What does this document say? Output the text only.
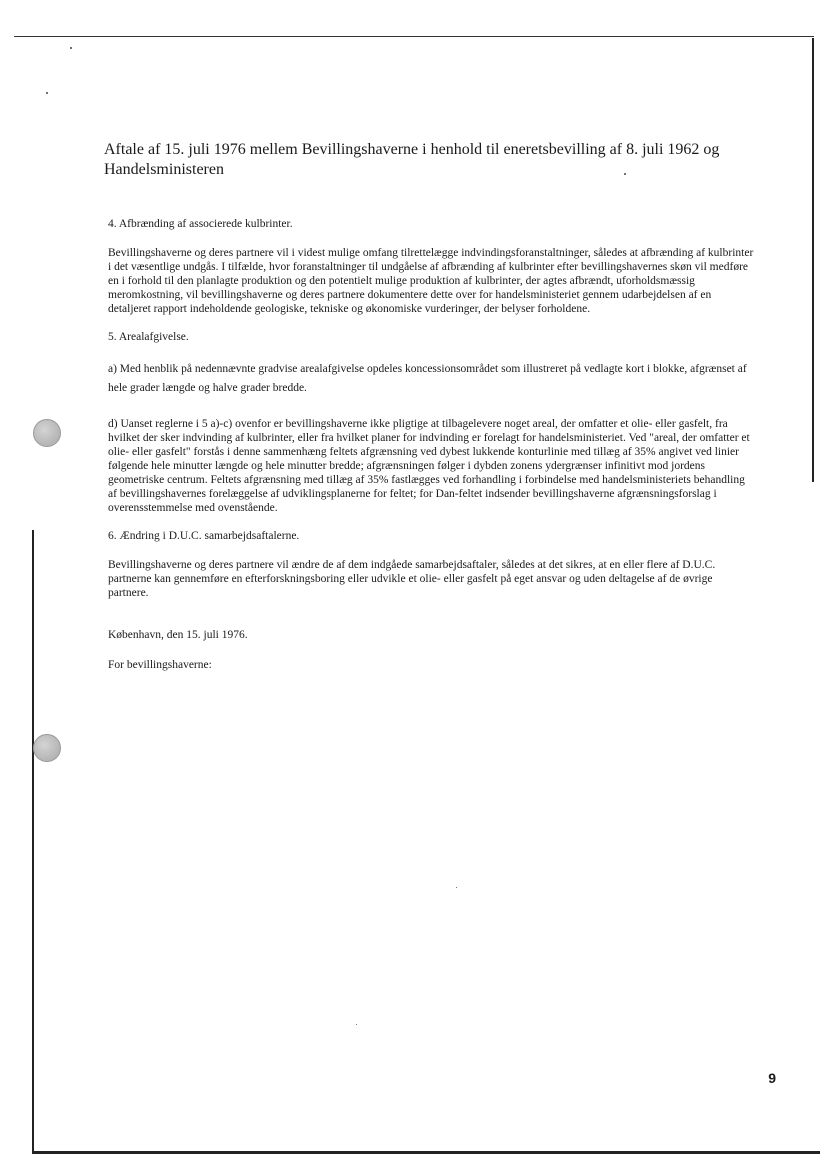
Aftale af 15. juli 1976 mellem Bevillingshaverne i henhold til eneretsbevilling af 8. juli 1962 og Handelsministeren
4. Afbrænding af associerede kulbrinter.

Bevillingshaverne og deres partnere vil i videst mulige omfang tilrettelægge indvindingsforanstaltninger, således at afbrænding af kulbrinter i det væsentlige undgås. I tilfælde, hvor foranstaltninger til undgåelse af afbrænding af kulbrinter efter bevillingshavernes skøn vil medføre en i forhold til den planlagte produktion og den potentielt mulige produktion af kulbrinter, der agtes afbrændt, uforholdsmæssig meromkostning, vil bevillingshaverne og deres partnere dokumentere dette over for handelsministeriet gennem udarbejdelsen af en detaljeret rapport indeholdende geologiske, tekniske og økonomiske vurderinger, der belyser forholdene.

5. Arealafgivelse.

a) Med henblik på nedennævnte gradvise arealafgivelse opdeles koncessionsområdet som illustreret på vedlagte kort i blokke, afgrænset af hele grader længde og halve grader bredde.

d) Uanset reglerne i 5 a)-c) ovenfor er bevillingshaverne ikke pligtige at tilbagelevere noget areal, der omfatter et olie- eller gasfelt, fra hvilket der sker indvinding af kulbrinter, eller fra hvilket planer for indvinding er forelagt for handelsministeriet. Ved "areal, der omfatter et olie- eller gasfelt" forstås i denne sammenhæng feltets afgrænsning ved dybest lukkende konturlinie med tillæg af 35% angivet ved linier følgende hele minutter længde og hele minutter bredde; afgrænsningen følger i dybden zonens ydergrænser infinitivt mod jordens geometriske centrum. Feltets afgrænsning med tillæg af 35% fastlægges ved forhandling i forbindelse med handelsministeriets behandling af bevillingshavernes forelæggelse af udviklingsplanerne for feltet; for Dan-feltet indsender bevillingshaverne afgrænsningsforslag i overensstemmelse med ovenstående.

6. Ændring i D.U.C. samarbejdsaftalerne.

Bevillingshaverne og deres partnere vil ændre de af dem indgåede samarbejdsaftaler, således at det sikres, at en eller flere af D.U.C. partnerne kan gennemføre en efterforskningsboring eller udvikle et olie- eller gasfelt på eget ansvar og uden deltagelse af de øvrige partnere.

København, den 15. juli 1976.

For bevillingshaverne:

9
